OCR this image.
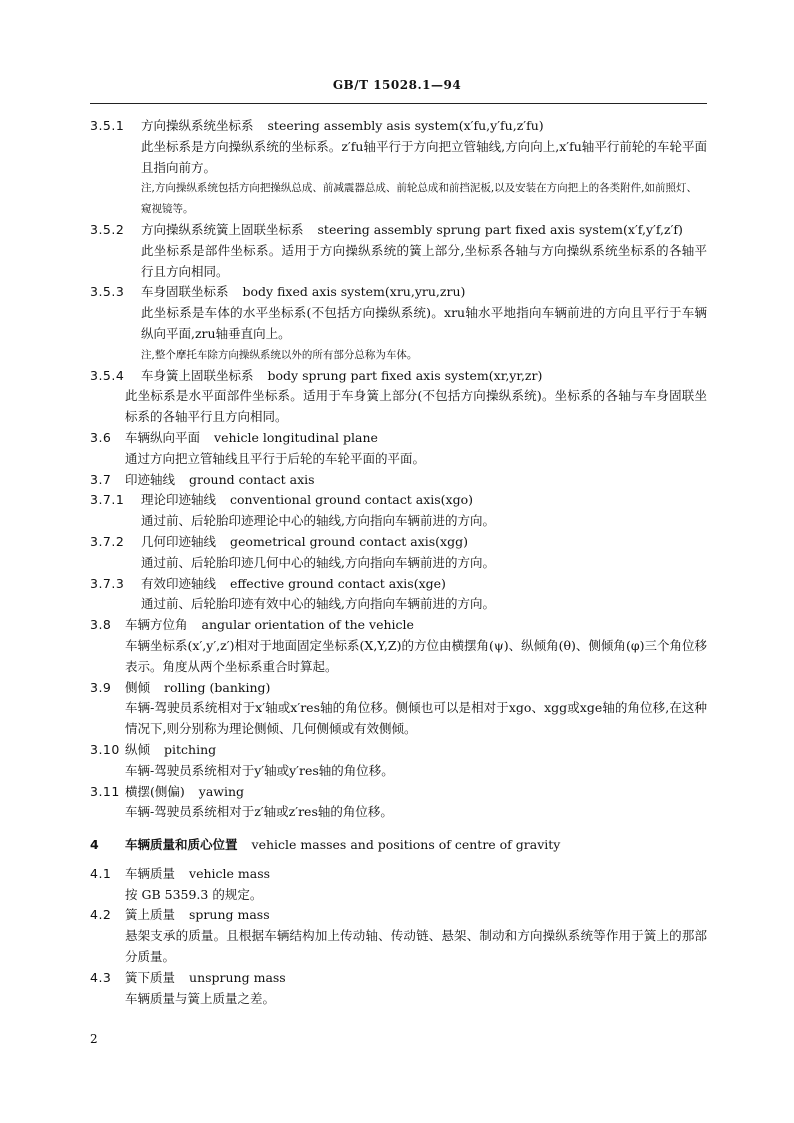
GB/T 15028.1—94
3.5.1	方向操纵系统坐标系 steering assembly asis system(x′fu,y′fu,z′fu)
此坐标系是方向操纵系统的坐标系。z′fu轴平行于方向把立管轴线,方向向上,x′fu轴平行前轮的车轮平面且指向前方。
注,方向操纵系统包括方向把操纵总成、前减震器总成、前轮总成和前挡泥板,以及安装在方向把上的各类附件,如前照灯、窥视镜等。
3.5.2	方向操纵系统簧上固联坐标系 steering assembly sprung part fixed axis system(x′f,y′f,z′f)
此坐标系是部件坐标系。适用于方向操纵系统的簧上部分,坐标系各轴与方向操纵系统坐标系的各轴平行且方向相同。
3.5.3	车身固联坐标系 body fixed axis system(xru,yru,zru)
此坐标系是车体的水平坐标系(不包括方向操纵系统)。xru轴水平地指向车辆前进的方向且平行于车辆纵向平面,zru轴垂直向上。
注,整个摩托车除方向操纵系统以外的所有部分总称为车体。
3.5.4	车身簧上固联坐标系 body sprung part fixed axis system(xr,yr,zr)
此坐标系是水平面部件坐标系。适用于车身簧上部分(不包括方向操纵系统)。坐标系的各轴与车身固联坐标系的各轴平行且方向相同。
3.6	车辆纵向平面 vehicle longitudinal plane
通过方向把立管轴线且平行于后轮的车轮平面的平面。
3.7	印迹轴线 ground contact axis
3.7.1	理论印迹轴线 conventional ground contact axis(xgo)
通过前、后轮胎印迹理论中心的轴线,方向指向车辆前进的方向。
3.7.2	几何印迹轴线 geometrical ground contact axis(xgg)
通过前、后轮胎印迹几何中心的轴线,方向指向车辆前进的方向。
3.7.3	有效印迹轴线 effective ground contact axis(xge)
通过前、后轮胎印迹有效中心的轴线,方向指向车辆前进的方向。
3.8	车辆方位角 angular orientation of the vehicle
车辆坐标系(x′,y′,z′)相对于地面固定坐标系(X,Y,Z)的方位由横摆角(ψ)、纵倾角(θ)、侧倾角(φ)三个角位移表示。角度从两个坐标系重合时算起。
3.9	侧倾 rolling (banking)
车辆-驾驶员系统相对于x′轴或x′res轴的角位移。侧倾也可以是相对于xgo、xgg或xge轴的角位移,在这种情况下,则分别称为理论侧倾、几何侧倾或有效侧倾。
3.10 纵倾 pitching
车辆-驾驶员系统相对于y′轴或y′res轴的角位移。
3.11 横摆(侧偏) yawing
车辆-驾驶员系统相对于z′轴或z′res轴的角位移。
4	车辆质量和质心位置 vehicle masses and positions of centre of gravity
4.1	车辆质量 vehicle mass
按 GB 5359.3 的规定。
4.2	簧上质量 sprung mass
悬架支承的质量。且根据车辆结构加上传动轴、传动链、悬架、制动和方向操纵系统等作用于簧上的那部分质量。
4.3	簧下质量 unsprung mass
车辆质量与簧上质量之差。
2
